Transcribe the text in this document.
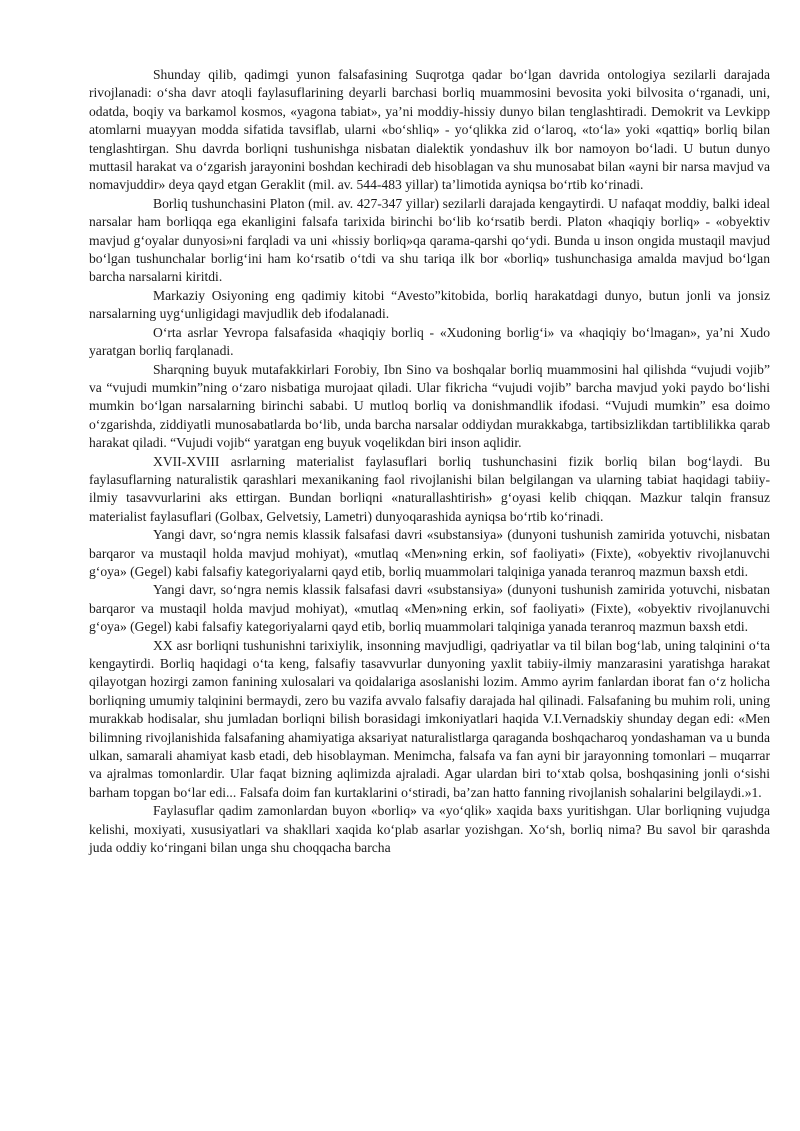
Shunday qilib, qadimgi yunon falsafasining Suqrotga qadar bo‘lgan davrida ontologiya sezilarli darajada rivojlanadi: o‘sha davr atoqli faylasuflarining deyarli barchasi borliq muammosini bevosita yoki bilvosita o‘rganadi, uni, odatda, boqiy va barkamol kosmos, «yagona tabiat», ya’ni moddiy-hissiy dunyo bilan tenglashtiradi. Demokrit va Levkipp atomlarni muayyan modda sifatida tavsiflab, ularni «bo‘shliq» - yo‘qlikka zid o‘laroq, «to‘la» yoki «qattiq» borliq bilan tenglashtirgan. Shu davrda borliqni tushunishga nisbatan dialektik yondashuv ilk bor namoyon bo‘ladi. U butun dunyo muttasil harakat va o‘zgarish jarayonini boshdan kechiradi deb hisoblagan va shu munosabat bilan «ayni bir narsa mavjud va nomavjuddir» deya qayd etgan Geraklit (mil. av. 544-483 yillar) ta’limotida ayniqsa bo‘rtib ko‘rinadi.

Borliq tushunchasini Platon (mil. av. 427-347 yillar) sezilarli darajada kengaytirdi. U nafaqat moddiy, balki ideal narsalar ham borliqqa ega ekanligini falsafa tarixida birinchi bo‘lib ko‘rsatib berdi. Platon «haqiqiy borliq» - «obyektiv mavjud g‘oyalar dunyosi»ni farqladi va uni «hissiy borliq»qa qarama-qarshi qo‘ydi. Bunda u inson ongida mustaqil mavjud bo‘lgan tushunchalar borlig‘ini ham ko‘rsatib o‘tdi va shu tariqa ilk bor «borliq» tushunchasiga amalda mavjud bo‘lgan barcha narsalarni kiritdi.

Markaziy Osiyoning eng qadimiy kitobi “Avesto”kitobida, borliq harakatdagi dunyo, butun jonli va jonsiz narsalarning uyg‘unligidagi mavjudlik deb ifodalanadi.

O‘rta asrlar Yevropa falsafasida «haqiqiy borliq - «Xudoning borlig‘i» va «haqiqiy bo‘lmagan», ya’ni Xudo yaratgan borliq farqlanadi.

Sharqning buyuk mutafakkirlari Forobiy, Ibn Sino va boshqalar borliq muammosini hal qilishda “vujudi vojib” va “vujudi mumkin”ning o‘zaro nisbatiga murojaat qiladi. Ular fikricha “vujudi vojib” barcha mavjud yoki paydo bo‘lishi mumkin bo‘lgan narsalarning birinchi sababi. U mutloq borliq va donishmandlik ifodasi. “Vujudi mumkin” esa doimo o‘zgarishda, ziddiyatli munosabatlarda bo‘lib, unda barcha narsalar oddiydan murakkabga, tartibsizlikdan tartiblilikka qarab harakat qiladi. “Vujudi vojib“ yaratgan eng buyuk voqelikdan biri inson aqlidir.

XVII-XVIII asrlarning materialist faylasuflari borliq tushunchasini fizik borliq bilan bog‘laydi. Bu faylasuflarning naturalistik qarashlari mexanikaning faol rivojlanishi bilan belgilangan va ularning tabiat haqidagi tabiiy-ilmiy tasavvurlarini aks ettirgan. Bundan borliqni «naturallashtirish» g‘oyasi kelib chiqqan. Mazkur talqin fransuz materialist faylasuflari (Golbax, Gelvetsiy, Lametri) dunyoqarashida ayniqsa bo‘rtib ko‘rinadi.

Yangi davr, so‘ngra nemis klassik falsafasi davri «substansiya» (dunyoni tushunish zamirida yotuvchi, nisbatan barqaror va mustaqil holda mavjud mohiyat), «mutlaq «Men»ning erkin, sof faoliyati» (Fixte), «obyektiv rivojlanuvchi g‘oya» (Gegel) kabi falsafiy kategoriyalarni qayd etib, borliq muammolari talqiniga yanada teranroq mazmun baxsh etdi.

Yangi davr, so‘ngra nemis klassik falsafasi davri «substansiya» (dunyoni tushunish zamirida yotuvchi, nisbatan barqaror va mustaqil holda mavjud mohiyat), «mutlaq «Men»ning erkin, sof faoliyati» (Fixte), «obyektiv rivojlanuvchi g‘oya» (Gegel) kabi falsafiy kategoriyalarni qayd etib, borliq muammolari talqiniga yanada teranroq mazmun baxsh etdi.

XX asr borliqni tushunishni tarixiylik, insonning mavjudligi, qadriyatlar va til bilan bog‘lab, uning talqinini o‘ta kengaytirdi. Borliq haqidagi o‘ta keng, falsafiy tasavvurlar dunyoning yaxlit tabiiy-ilmiy manzarasini yaratishga harakat qilayotgan hozirgi zamon fanining xulosalari va qoidalariga asoslanishi lozim. Ammo ayrim fanlardan iborat fan o‘z holicha borliqning umumiy talqinini bermaydi, zero bu vazifa avvalo falsafiy darajada hal qilinadi. Falsafaning bu muhim roli, uning murakkab hodisalar, shu jumladan borliqni bilish borasidagi imkoniyatlari haqida V.I.Vernadskiy shunday degan edi: «Men bilimning rivojlanishida falsafaning ahamiyatiga aksariyat naturalistlarga qaraganda boshqacharoq yondashaman va u bunda ulkan, samarali ahamiyat kasb etadi, deb hisoblayman. Menimcha, falsafa va fan ayni bir jarayonning tomonlari – muqarrar va ajralmas tomonlardir. Ular faqat bizning aqlimizda ajraladi. Agar ulardan biri to‘xtab qolsa, boshqasining jonli o‘sishi barham topgan bo‘lar edi... Falsafa doim fan kurtaklarini o‘stiradi, ba’zan hatto fanning rivojlanish sohalarini belgilaydi.»1.

Faylasuflar qadim zamonlardan buyon «borliq» va «yo‘qlik» xaqida baxs yuritishgan. Ular borliqning vujudga kelishi, moxiyati, xususiyatlari va shakllari xaqida ko‘plab asarlar yozishgan. Xo‘sh, borliq nima? Bu savol bir qarashda juda oddiy ko‘ringani bilan unga shu choqqacha barcha
